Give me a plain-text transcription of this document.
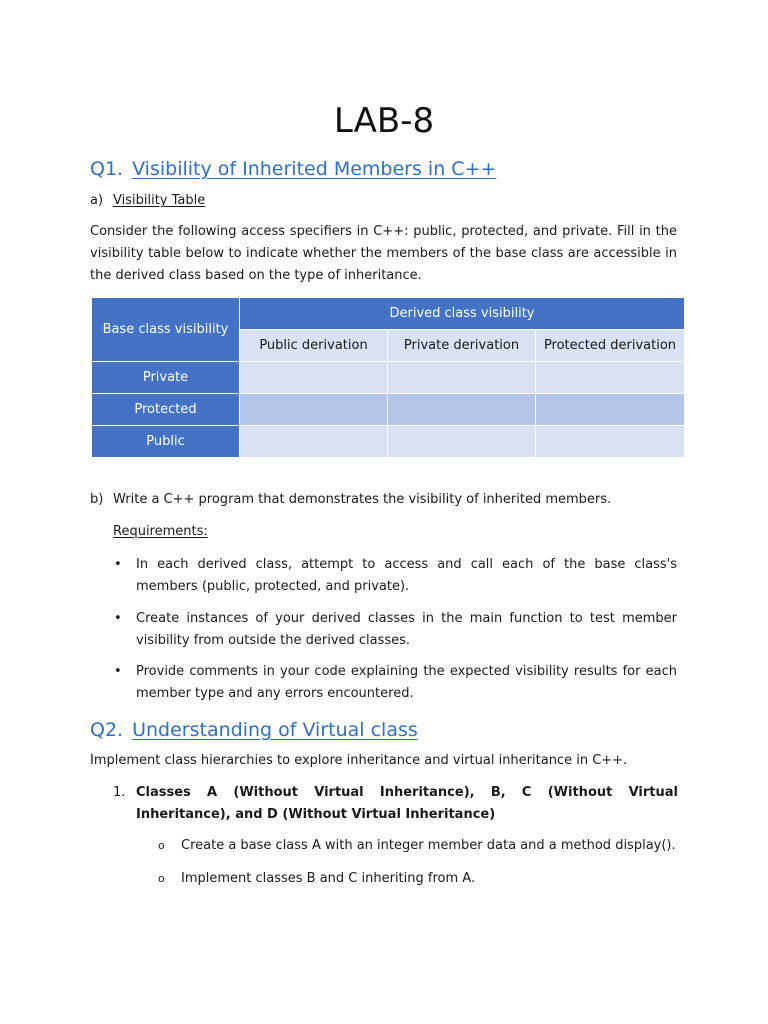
LAB-8
Q1. Visibility of Inherited Members in C++
a) Visibility Table
Consider the following access specifiers in C++: public, protected, and private. Fill in the visibility table below to indicate whether the members of the base class are accessible in the derived class based on the type of inheritance.
Base class visibility	Derived class visibility		
	Public derivation	Private derivation	Protected derivation
Private			
Protected			
Public			
b) Write a C++ program that demonstrates the visibility of inherited members.
Requirements:
• In each derived class, attempt to access and call each of the base class's members (public, protected, and private).
• Create instances of your derived classes in the main function to test member visibility from outside the derived classes.
• Provide comments in your code explaining the expected visibility results for each member type and any errors encountered.
Q2. Understanding of Virtual class
Implement class hierarchies to explore inheritance and virtual inheritance in C++.
1. Classes A (Without Virtual Inheritance), B, C (Without Virtual Inheritance), and D (Without Virtual Inheritance)
o Create a base class A with an integer member data and a method display().
o Implement classes B and C inheriting from A.
